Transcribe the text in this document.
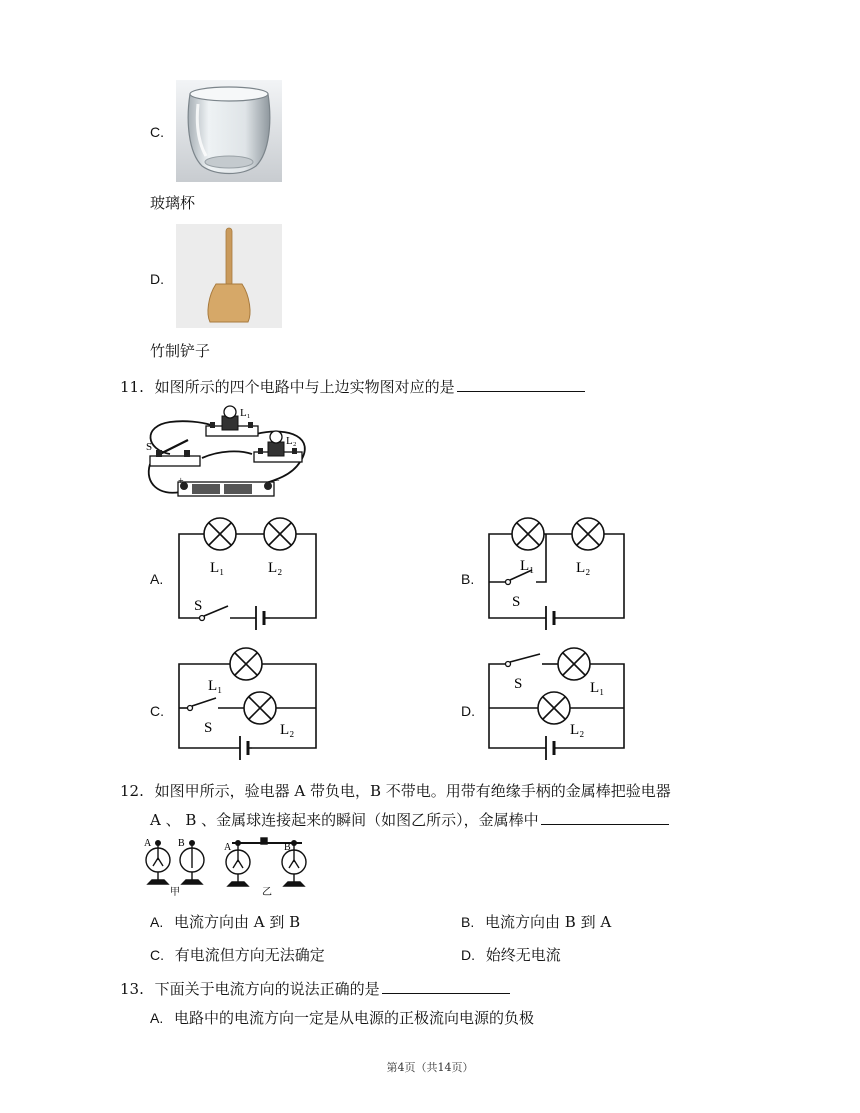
C.
玻璃杯
D.
竹制铲子
11. 如图所示的四个电路中与上边实物图对应的是
L₁
L₂
S
+	−
A.	B.
C.	D.
L₁	L₂
S
L₁	L₂
S
L₁
S	L₂
S	L₁
L₂
12. 如图甲所示，验电器 A 带负电，B 不带电。用带有绝缘手柄的金属棒把验电器
A 、 B 、金属球连接起来的瞬间（如图乙所示），金属棒中
A	B	A	B
甲	乙
A. 电流方向由 A 到 B	B. 电流方向由 B 到 A
C. 有电流但方向无法确定	D. 始终无电流
13. 下面关于电流方向的说法正确的是
A. 电路中的电流方向一定是从电源的正极流向电源的负极
第4页（共14页）
